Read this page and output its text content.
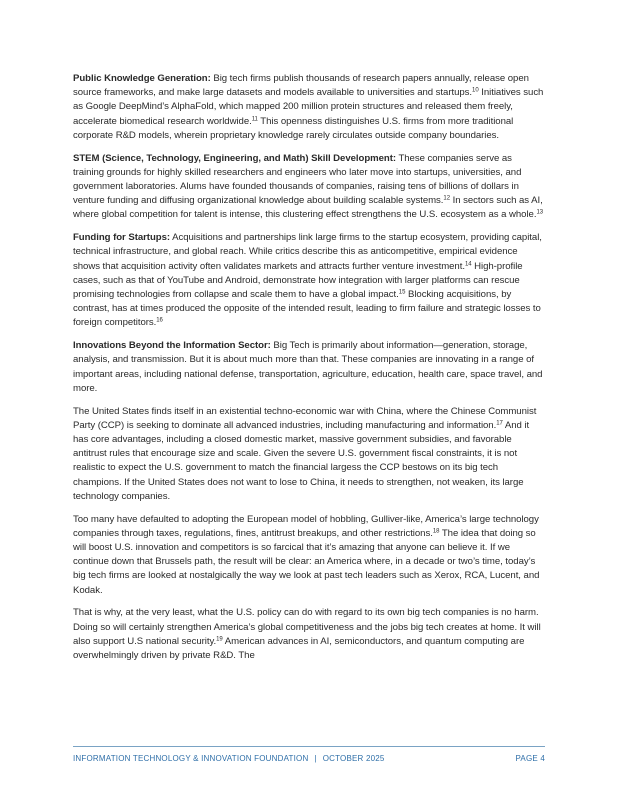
Public Knowledge Generation: Big tech firms publish thousands of research papers annually, release open source frameworks, and make large datasets and models available to universities and startups.$^{10}$ Initiatives such as Google DeepMind’s AlphaFold, which mapped 200 million protein structures and released them freely, accelerate biomedical research worldwide.$^{11}$ This openness distinguishes U.S. firms from more traditional corporate R&D models, wherein proprietary knowledge rarely circulates outside company boundaries.

STEM (Science, Technology, Engineering, and Math) Skill Development: These companies serve as training grounds for highly skilled researchers and engineers who later move into startups, universities, and government laboratories. Alums have founded thousands of companies, raising tens of billions of dollars in venture funding and diffusing organizational knowledge about building scalable systems.$^{12}$ In sectors such as AI, where global competition for talent is intense, this clustering effect strengthens the U.S. ecosystem as a whole.$^{13}$

Funding for Startups: Acquisitions and partnerships link large firms to the startup ecosystem, providing capital, technical infrastructure, and global reach. While critics describe this as anticompetitive, empirical evidence shows that acquisition activity often validates markets and attracts further venture investment.$^{14}$ High-profile cases, such as that of YouTube and Android, demonstrate how integration with larger platforms can rescue promising technologies from collapse and scale them to have a global impact.$^{15}$ Blocking acquisitions, by contrast, has at times produced the opposite of the intended result, leading to firm failure and strategic losses to foreign competitors.$^{16}$

Innovations Beyond the Information Sector: Big Tech is primarily about information—generation, storage, analysis, and transmission. But it is about much more than that. These companies are innovating in a range of important areas, including national defense, transportation, agriculture, education, health care, space travel, and more.

The United States finds itself in an existential techno-economic war with China, where the Chinese Communist Party (CCP) is seeking to dominate all advanced industries, including manufacturing and information.$^{17}$ And it has core advantages, including a closed domestic market, massive government subsidies, and favorable antitrust rules that encourage size and scale. Given the severe U.S. government fiscal constraints, it is not realistic to expect the U.S. government to match the financial largess the CCP bestows on its big tech champions. If the United States does not want to lose to China, it needs to strengthen, not weaken, its large technology companies.

Too many have defaulted to adopting the European model of hobbling, Gulliver-like, America’s large technology companies through taxes, regulations, fines, antitrust breakups, and other restrictions.$^{18}$ The idea that doing so will boost U.S. innovation and competitors is so farcical that it’s amazing that anyone can believe it. If we continue down that Brussels path, the result will be clear: an America where, in a decade or two’s time, today’s big tech firms are looked at nostalgically the way we look at past tech leaders such as Xerox, RCA, Lucent, and Kodak.

That is why, at the very least, what the U.S. policy can do with regard to its own big tech companies is no harm. Doing so will certainly strengthen America’s global competitiveness and the jobs big tech creates at home. It will also support U.S national security.$^{19}$ American advances in AI, semiconductors, and quantum computing are overwhelmingly driven by private R&D. The

INFORMATION TECHNOLOGY & INNOVATION FOUNDATION | OCTOBER 2025	PAGE 4
